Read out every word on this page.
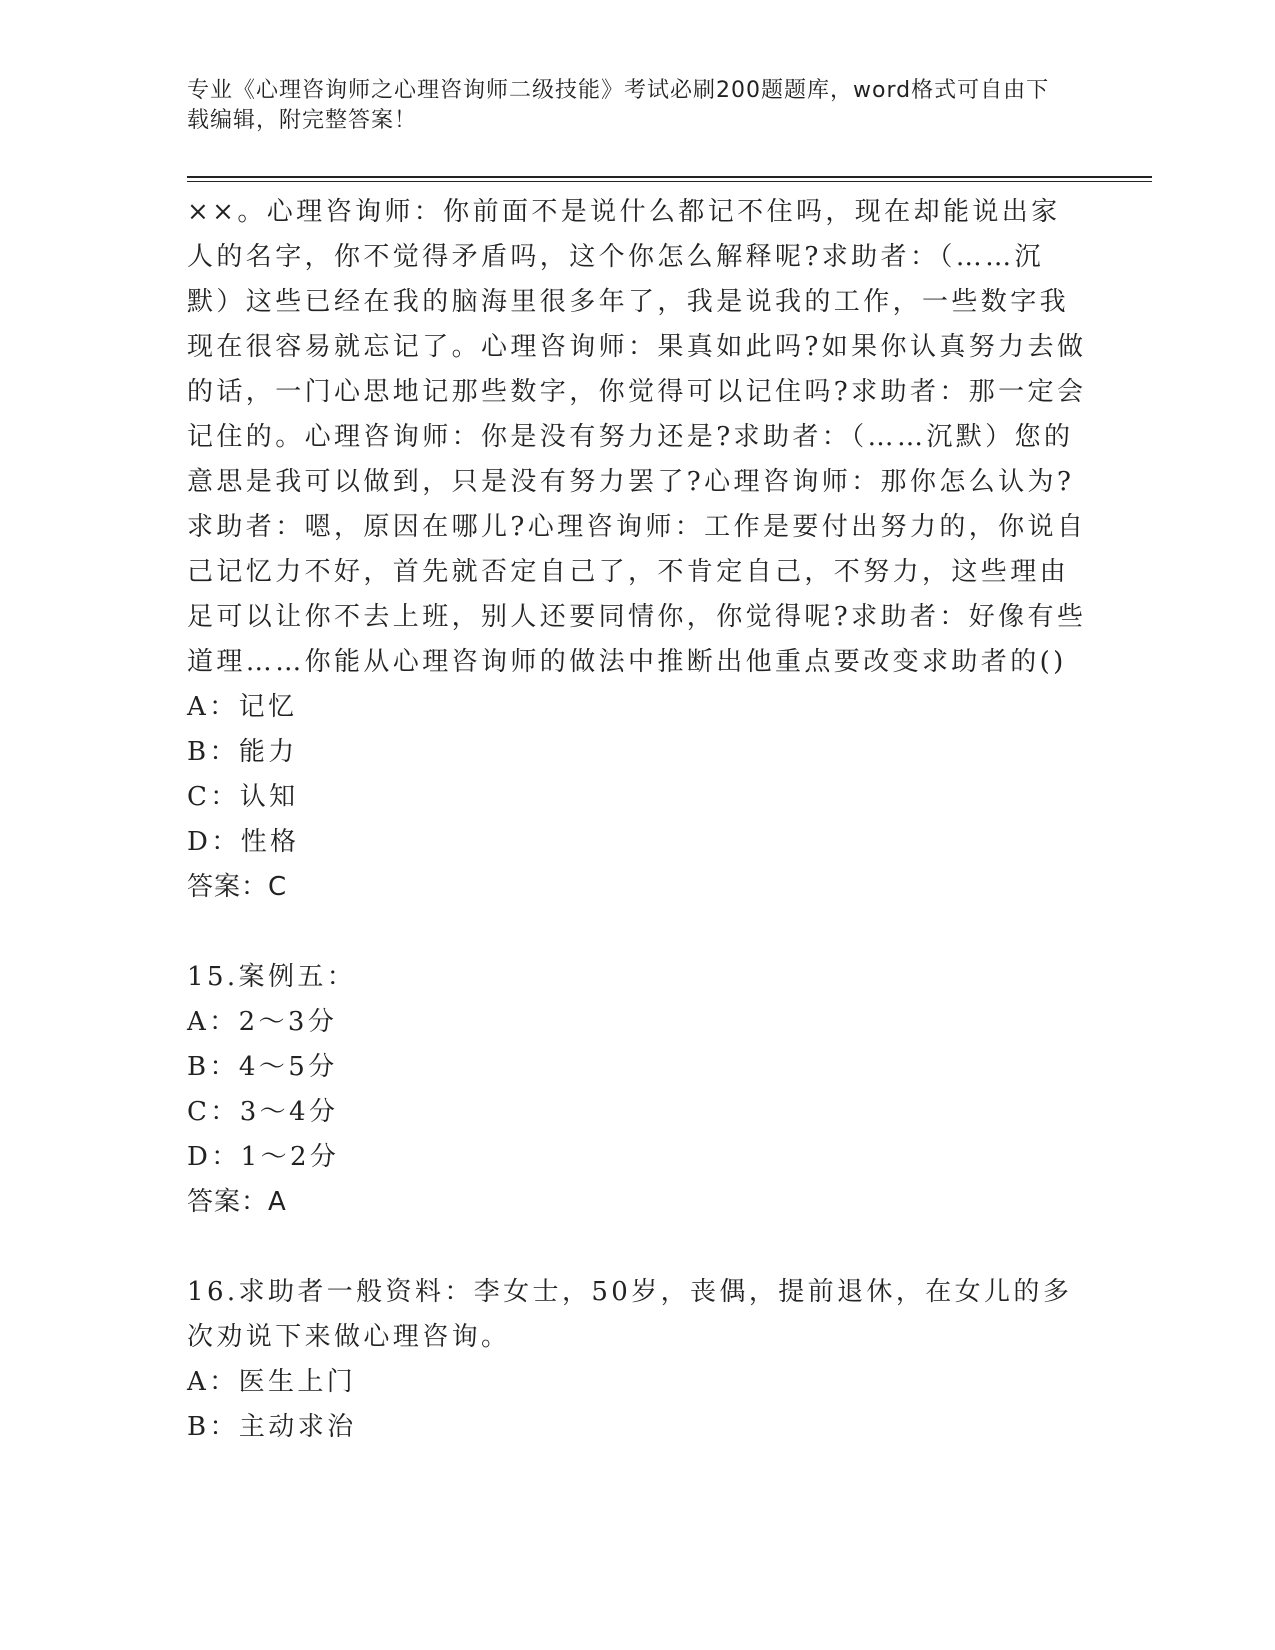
专业《心理咨询师之心理咨询师二级技能》考试必刷200题题库，word格式可自由下载编辑，附完整答案！

××。心理咨询师：你前面不是说什么都记不住吗，现在却能说出家人的名字，你不觉得矛盾吗，这个你怎么解释呢?求助者：（……沉默）这些已经在我的脑海里很多年了，我是说我的工作，一些数字我现在很容易就忘记了。心理咨询师：果真如此吗?如果你认真努力去做的话，一门心思地记那些数字，你觉得可以记住吗?求助者：那一定会记住的。心理咨询师：你是没有努力还是?求助者：（……沉默）您的意思是我可以做到，只是没有努力罢了?心理咨询师：那你怎么认为?求助者：嗯，原因在哪儿?心理咨询师：工作是要付出努力的，你说自己记忆力不好，首先就否定自己了，不肯定自己，不努力，这些理由足可以让你不去上班，别人还要同情你，你觉得呢?求助者：好像有些道理……你能从心理咨询师的做法中推断出他重点要改变求助者的()

A：记忆

B：能力

C：认知

D：性格

答案：C

15.案例五：

A：2～3分

B：4～5分

C：3～4分

D：1～2分

答案：A

16.求助者一般资料：李女士，50岁，丧偶，提前退休，在女儿的多次劝说下来做心理咨询。

A：医生上门

B：主动求治
